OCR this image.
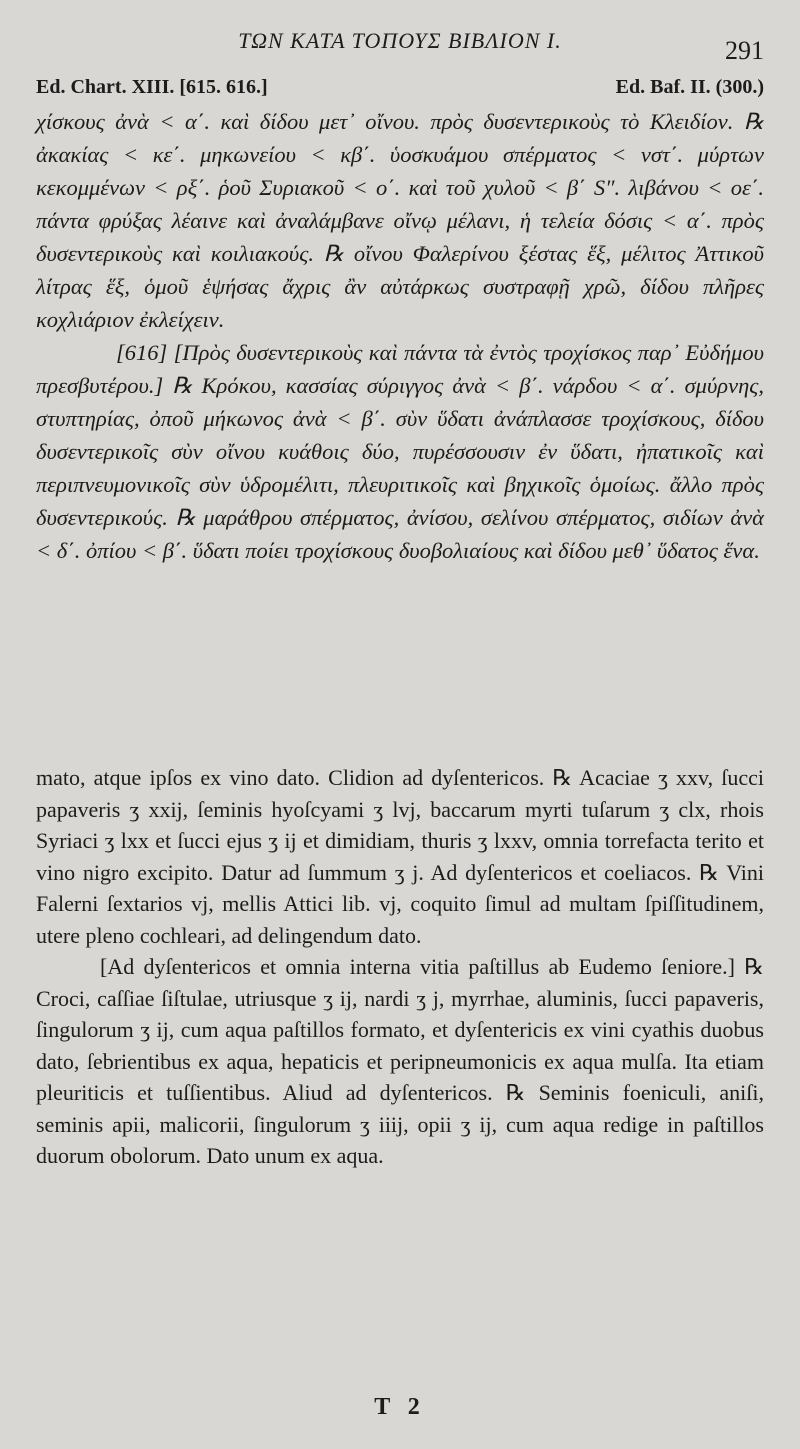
ΤΩΝ ΚΑΤΑ ΤΟΠΟΥΣ ΒΙΒΛΙΟΝ Ι.	291
Ed. Chart. XIII. [615. 616.]	Ed. Baf. II. (300.)

χίσκους ἀνὰ < α΄. καὶ δίδου μετ᾽ οἴνου. πρὸς δυσεντερικοὺς τὸ Κλειδίον. ℞ ἀκακίας < κε΄. μηκωνείου < κβ΄. ὑοσκυάμου σπέρματος < νστ΄. μύρτων κεκομμένων < ρξ΄. ῥοῦ Συριακοῦ < ο΄. καὶ τοῦ χυλοῦ < β΄ S″. λιβάνου < οε΄. πάντα φρύξας λέαινε καὶ ἀναλάμβανε οἴνῳ μέλανι, ἡ τελεία δόσις < α΄. πρὸς δυσεντερικοὺς καὶ κοιλιακούς. ℞ οἴνου Φαλερίνου ξέστας ἕξ, μέλιτος Ἀττικοῦ λίτρας ἕξ, ὁμοῦ ἑψήσας ἄχρις ἂν αὐτάρκως συστραφῇ χρῶ, δίδου πλῆρες κοχλιάριον ἐκλείχειν.

[616] [Πρὸς δυσεντερικοὺς καὶ πάντα τὰ ἐντὸς τροχίσκος παρ᾽ Εὐδήμου πρεσβυτέρου.] ℞ Κρόκου, κασσίας σύριγγος ἀνὰ < β΄. νάρδου < α΄. σμύρνης, στυπτηρίας, ὀποῦ μήκωνος ἀνὰ < β΄. σὺν ὕδατι ἀνάπλασσε τροχίσκους, δίδου δυσεντερικοῖς σὺν οἴνου κυάθοις δύο, πυρέσσουσιν ἐν ὕδατι, ἠπατικοῖς καὶ περιπνευμονικοῖς σὺν ὑδρομέλιτι, πλευριτικοῖς καὶ βηχικοῖς ὁμοίως. ἄλλο πρὸς δυσεντερικούς. ℞ μαράθρου σπέρματος, ἀνίσου, σελίνου σπέρματος, σιδίων ἀνὰ < δ΄. ὀπίου < β΄. ὕδατι ποίει τροχίσκους δυοβολιαίους καὶ δίδου μεθ᾽ ὕδατος ἕνα.

mato, atque ipſos ex vino dato. Clidion ad dyſentericos. ℞ Acaciae ʒ xxv, ſucci papaveris ʒ xxij, ſeminis hyoſcyami ʒ lvj, baccarum myrti tuſarum ʒ clx, rhois Syriaci ʒ lxx et ſucci ejus ʒ ij et dimidiam, thuris ʒ lxxv, omnia torrefacta terito et vino nigro excipito. Datur ad ſummum ʒ j. Ad dyſentericos et coeliacos. ℞ Vini Falerni ſextarios vj, mellis Attici lib. vj, coquito ſimul ad multam ſpiſſitudinem, utere pleno cochleari, ad delingendum dato.

[Ad dyſentericos et omnia interna vitia paſtillus ab Eudemo ſeniore.] ℞ Croci, caſſiae ſiſtulae, utriusque ʒ ij, nardi ʒ j, myrrhae, aluminis, ſucci papaveris, ſingulorum ʒ ij, cum aqua paſtillos formato, et dyſentericis ex vini cyathis duobus dato, ſebrientibus ex aqua, hepaticis et peripneumonicis ex aqua mulſa. Ita etiam pleuriticis et tuſſientibus. Aliud ad dyſentericos. ℞ Seminis foeniculi, aniſi, seminis apii, malicorii, ſingulorum ʒ iiij, opii ʒ ij, cum aqua redige in paſtillos duorum obolorum. Dato unum ex aqua.

T 2
